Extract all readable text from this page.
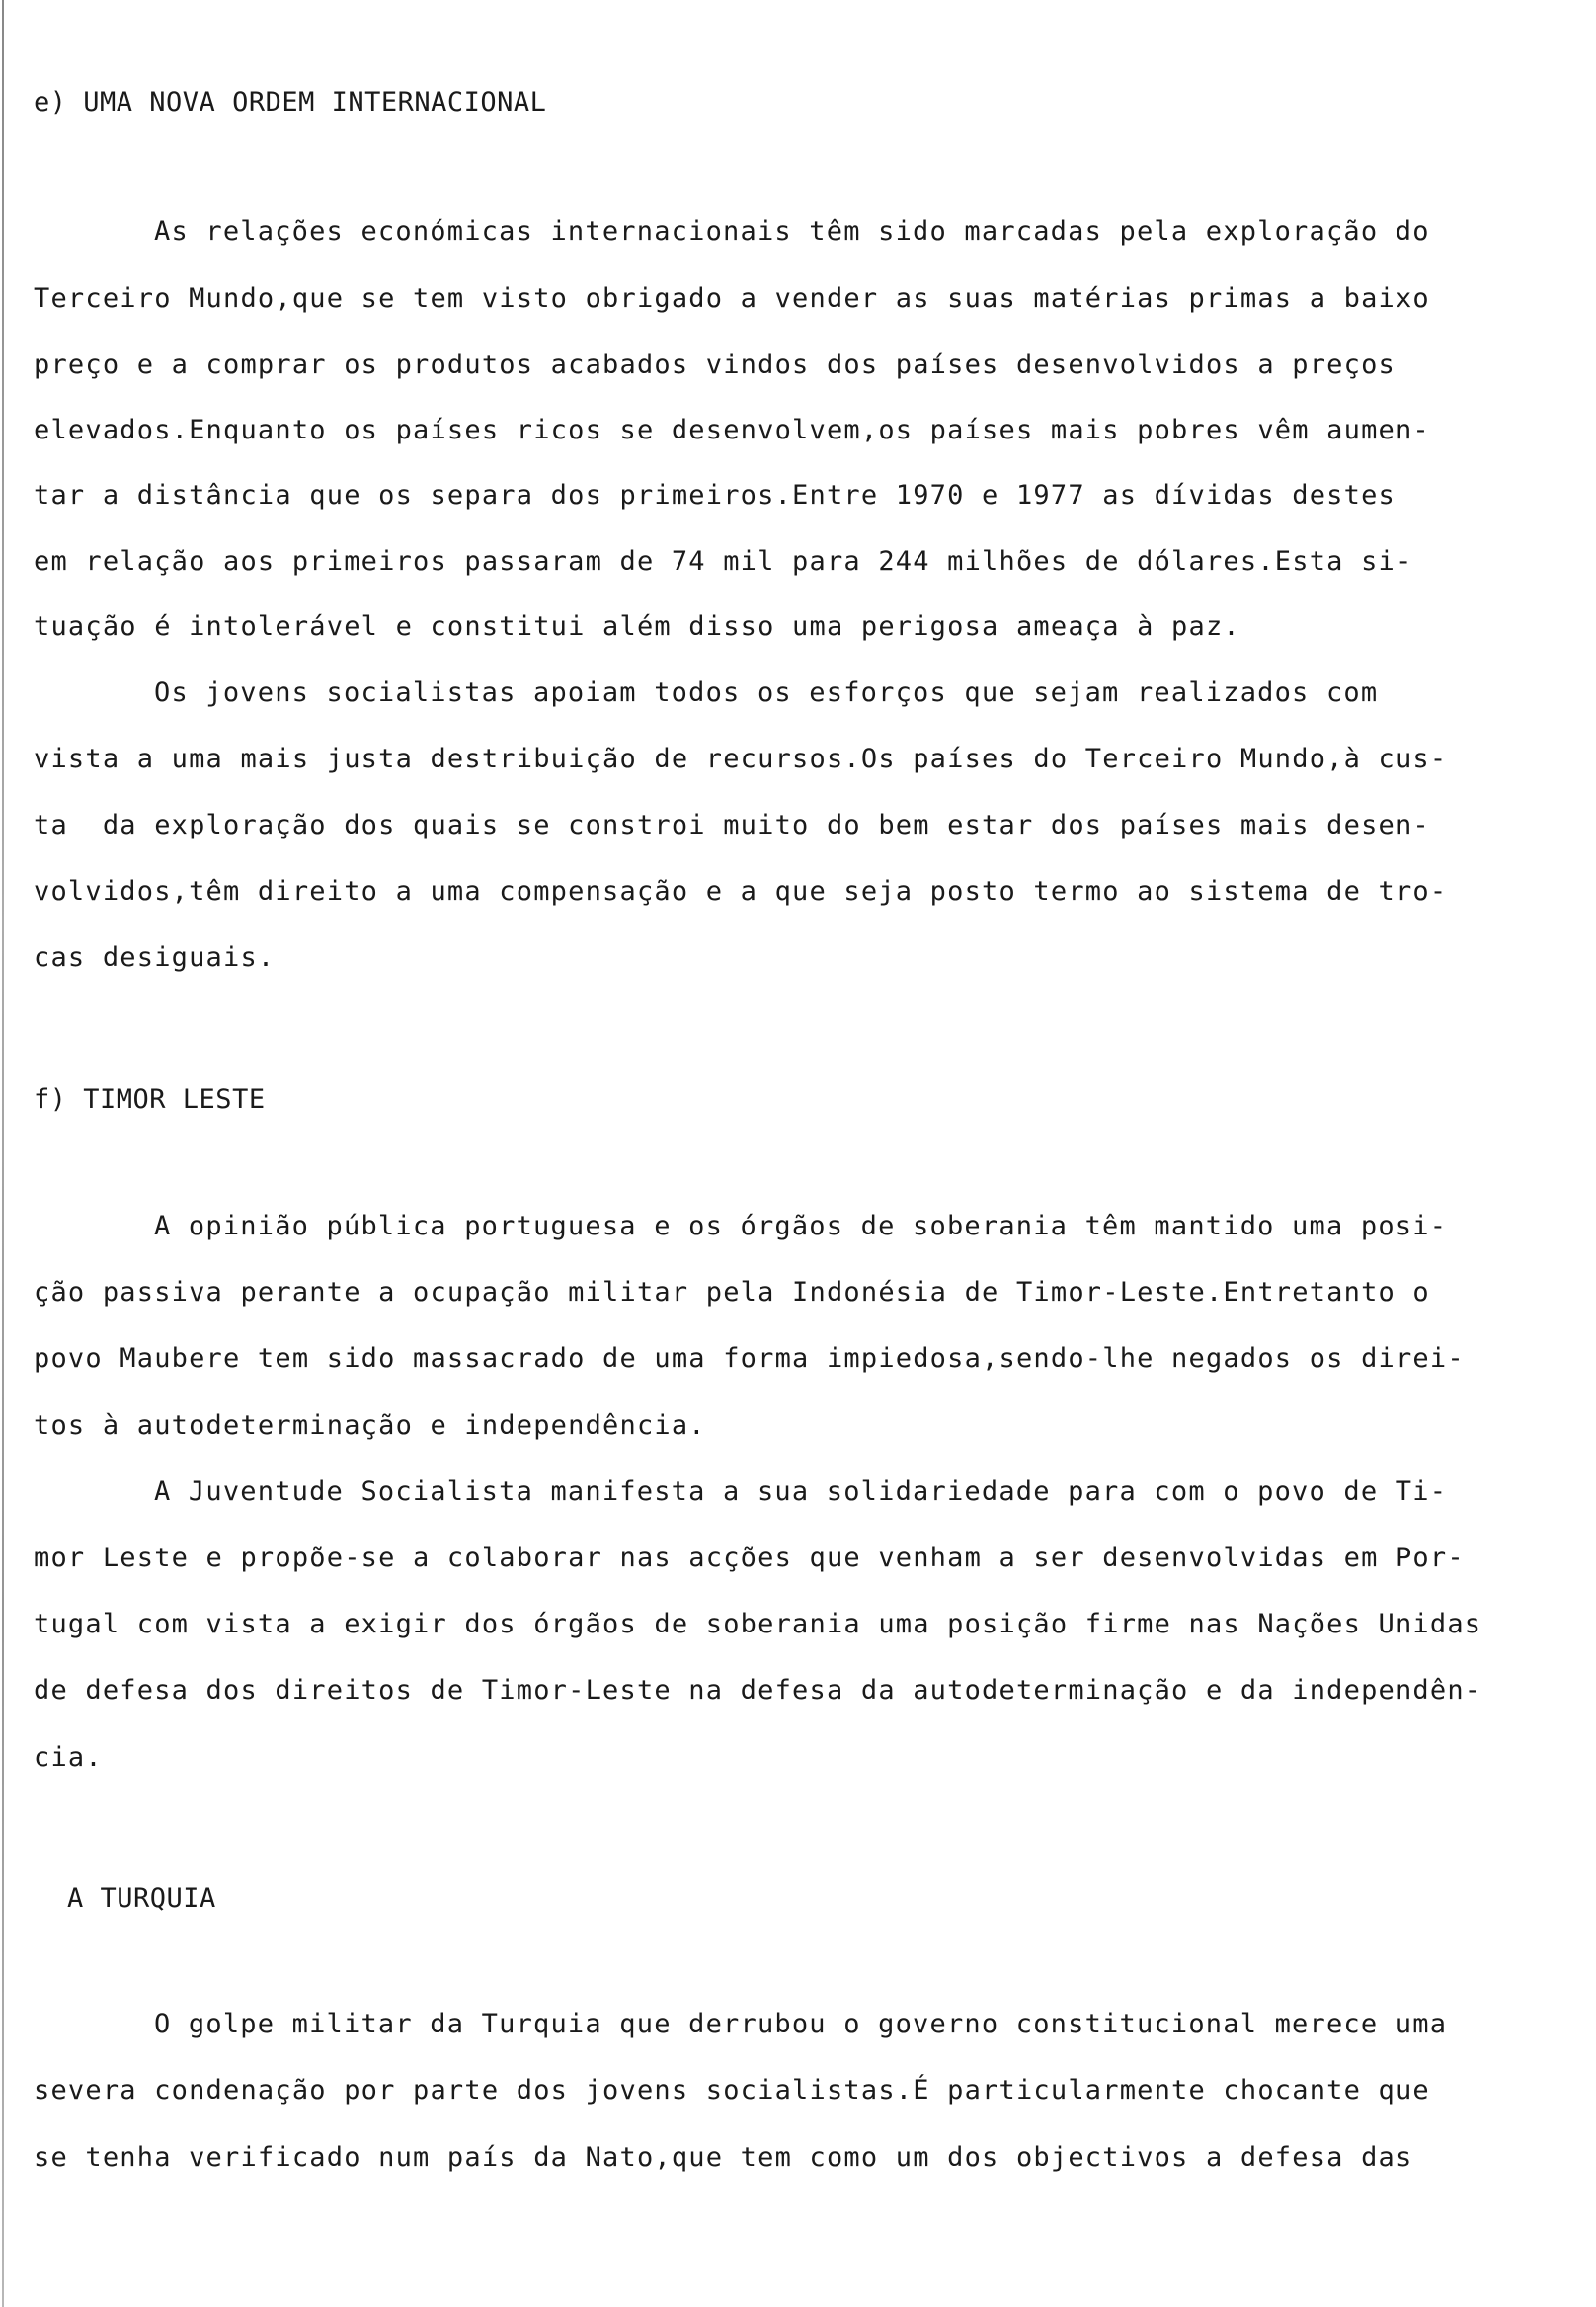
e) UMA NOVA ORDEM INTERNACIONAL
As relações económicas internacionais têm sido marcadas pela exploração do
Terceiro Mundo,que se tem visto obrigado a vender as suas matérias primas a baixo
preço e a comprar os produtos acabados vindos dos países desenvolvidos a preços
elevados.Enquanto os países ricos se desenvolvem,os países mais pobres vêm aumen-
tar a distância que os separa dos primeiros.Entre 1970 e 1977 as dívidas destes
em relação aos primeiros passaram de 74 mil para 244 milhões de dólares.Esta si-
tuação é intolerável e constitui além disso uma perigosa ameaça à paz.
Os jovens socialistas apoiam todos os esforços que sejam realizados com
vista a uma mais justa destribuição de recursos.Os países do Terceiro Mundo,à cus-
ta  da exploração dos quais se constroi muito do bem estar dos países mais desen-
volvidos,têm direito a uma compensação e a que seja posto termo ao sistema de tro-
cas desiguais.
f) TIMOR LESTE
A opinião pública portuguesa e os órgãos de soberania têm mantido uma posi-
ção passiva perante a ocupação militar pela Indonésia de Timor-Leste.Entretanto o
povo Maubere tem sido massacrado de uma forma impiedosa,sendo-lhe negados os direi-
tos à autodeterminação e independência.
A Juventude Socialista manifesta a sua solidariedade para com o povo de Ti-
mor Leste e propõe-se a colaborar nas acções que venham a ser desenvolvidas em Por-
tugal com vista a exigir dos órgãos de soberania uma posição firme nas Nações Unidas
de defesa dos direitos de Timor-Leste na defesa da autodeterminação e da independên-
cia.
A TURQUIA
O golpe militar da Turquia que derrubou o governo constitucional merece uma
severa condenação por parte dos jovens socialistas.É particularmente chocante que
se tenha verificado num país da Nato,que tem como um dos objectivos a defesa das
